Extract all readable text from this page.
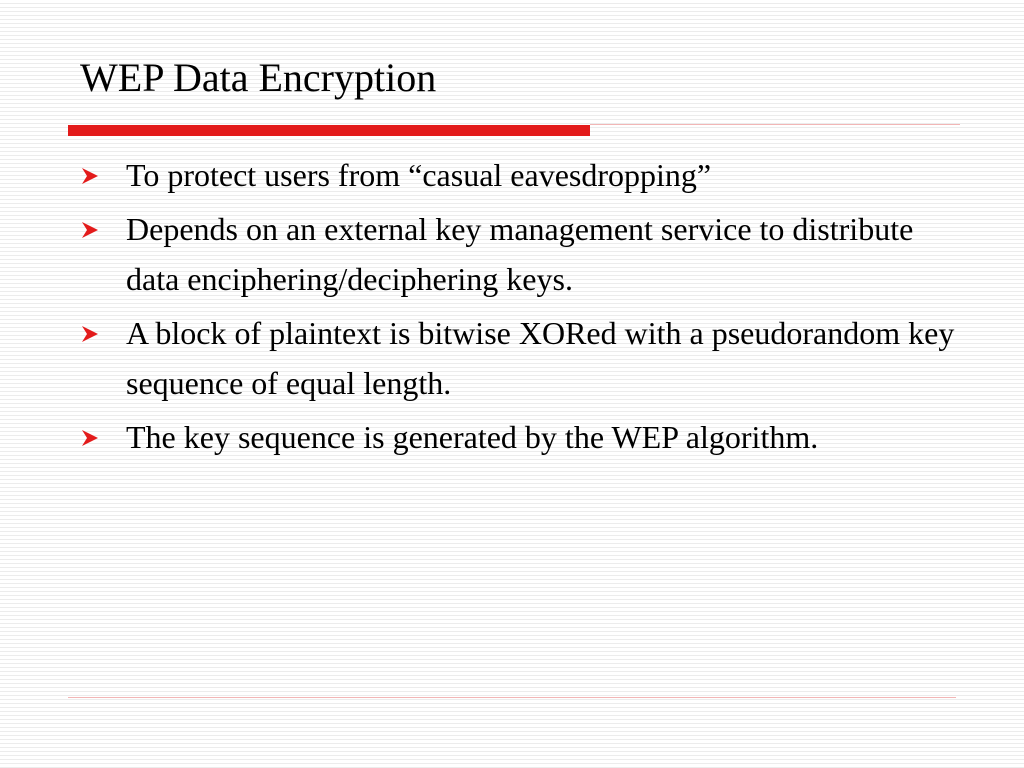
WEP Data Encryption
To protect users from “casual eavesdropping”
Depends on an external key management service to distribute data enciphering/deciphering keys.
A block of plaintext is bitwise XORed with a pseudorandom key sequence of equal length.
The key sequence is generated by the WEP algorithm.
